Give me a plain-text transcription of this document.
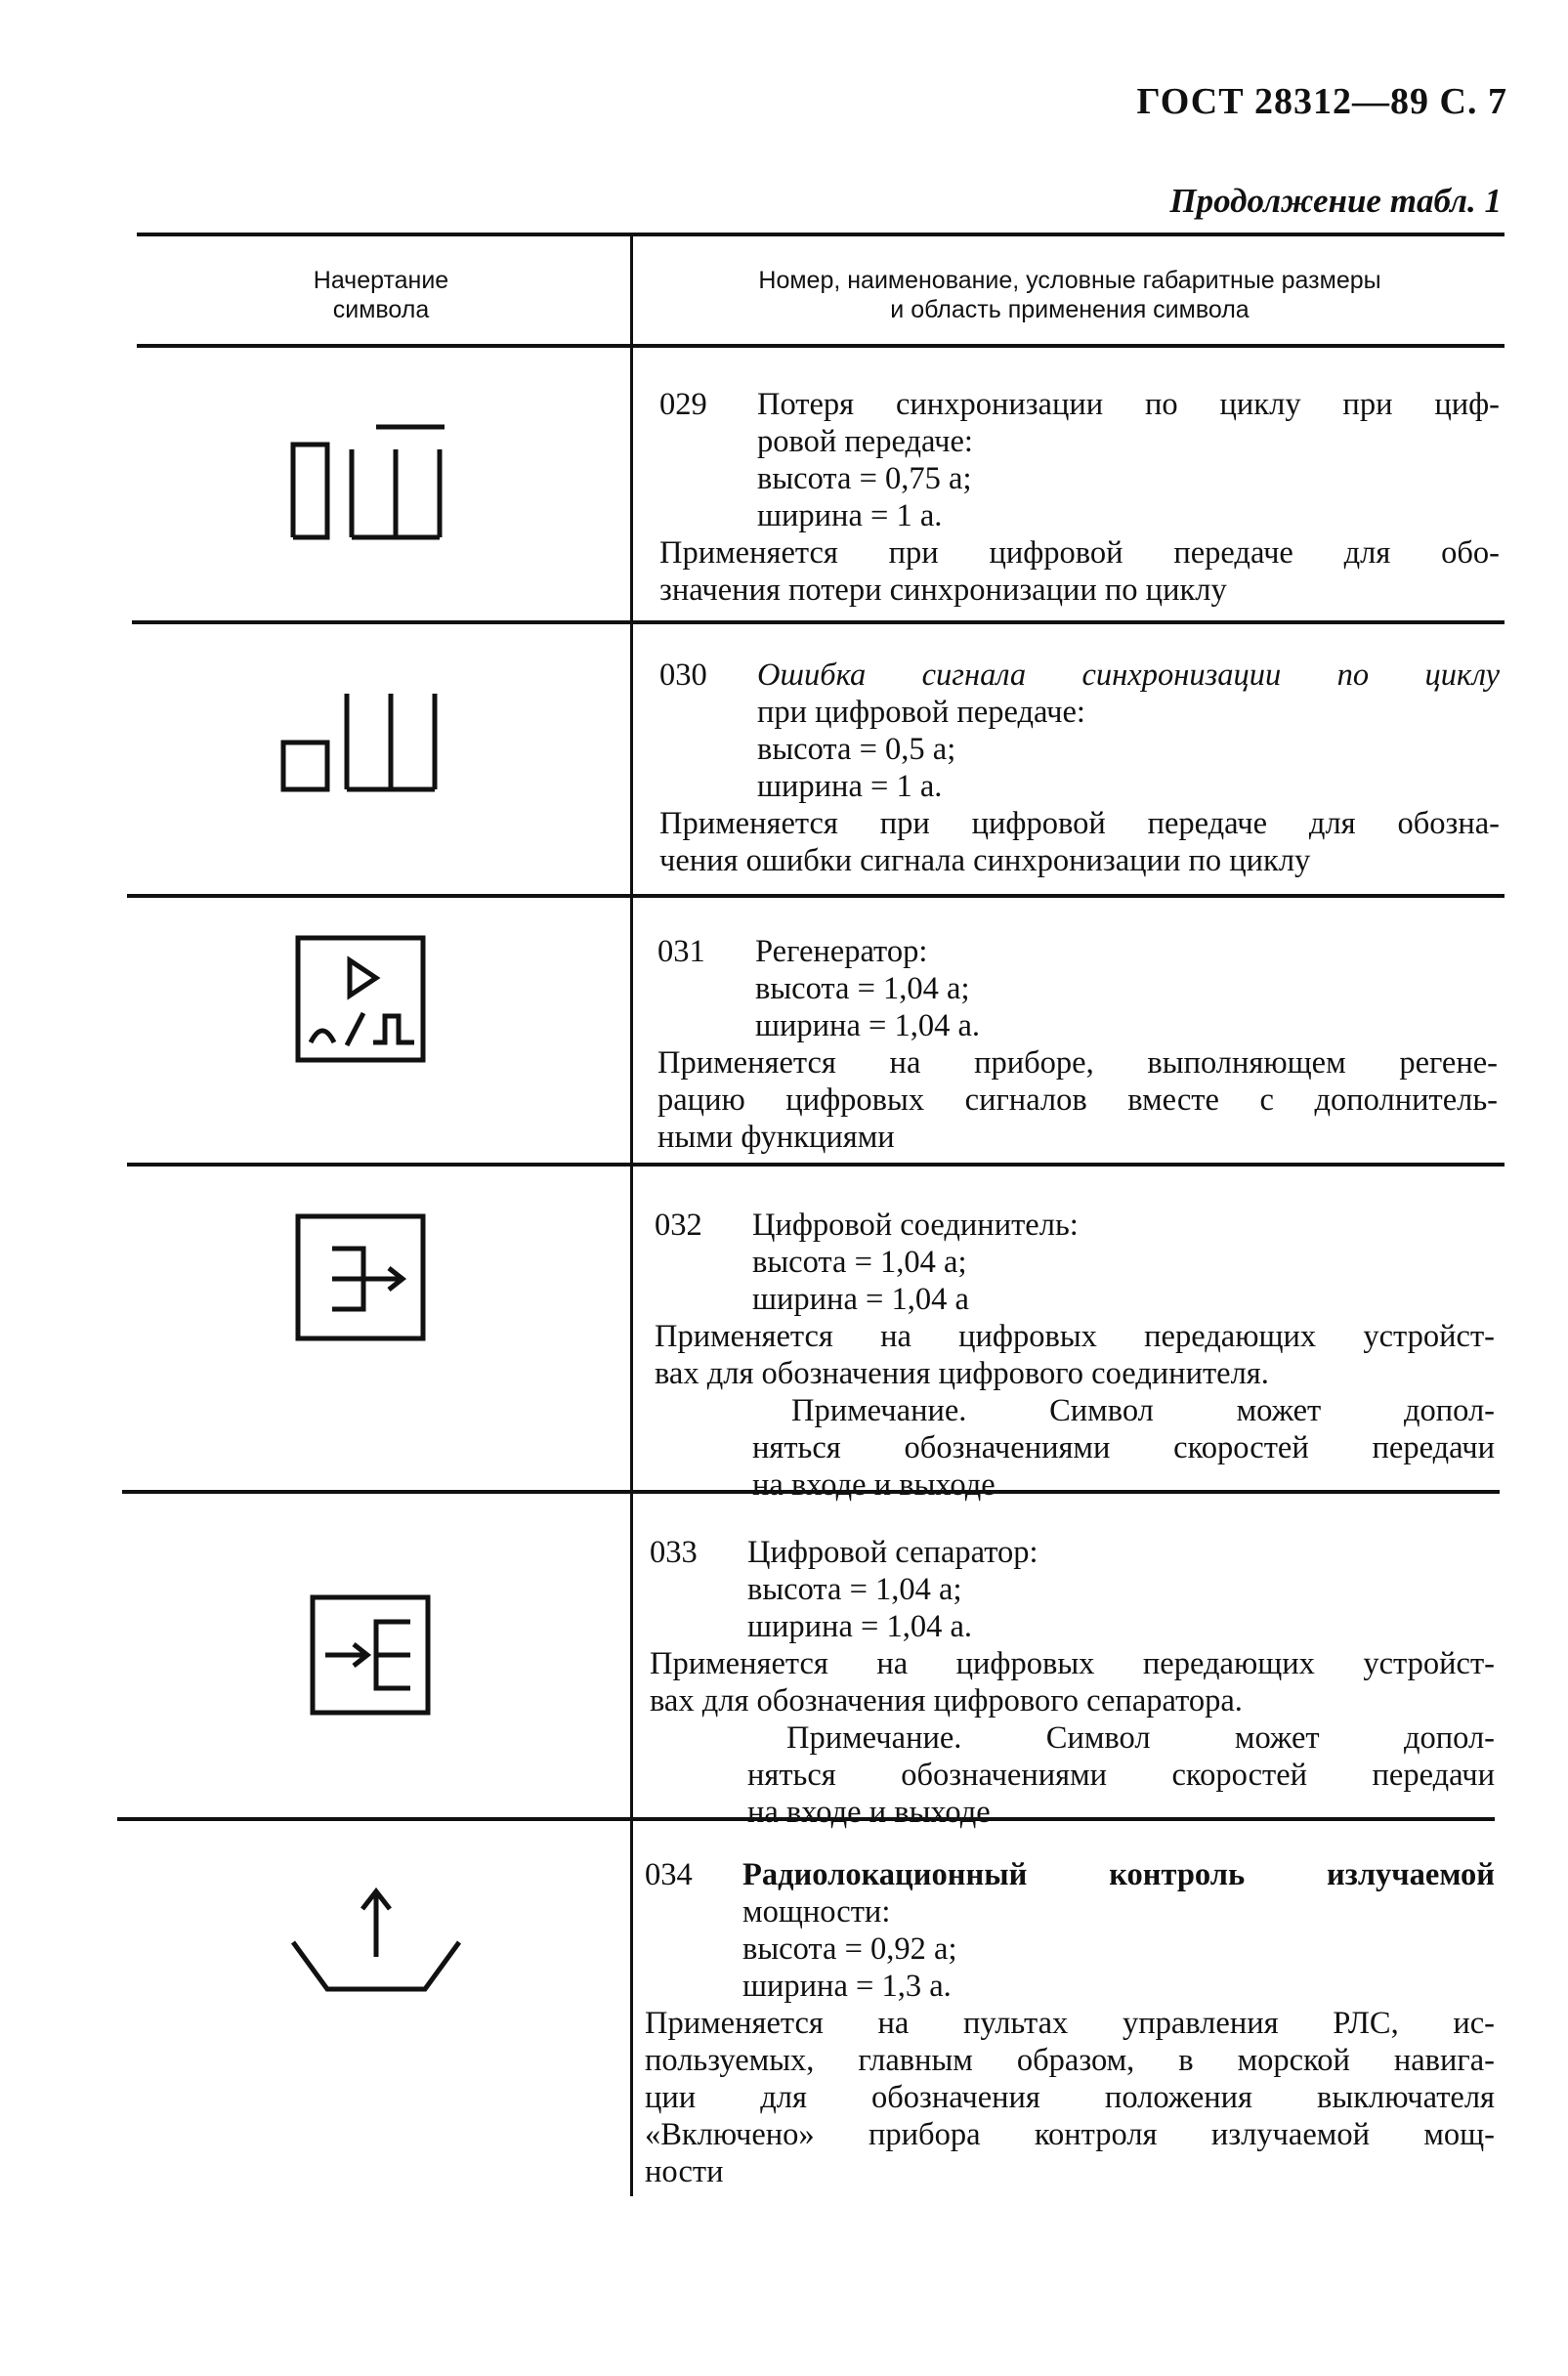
ГОСТ 28312—89 С. 7
Продолжение табл. 1
Начертание
символа
Номер, наименование, условные габаритные размеры
и область применения символа
029 Потеря синхронизации по циклу при циф-
ровой передаче:
высота = 0,75 а;
ширина = 1 а.
Применяется при цифровой передаче для обо-
значения потери синхронизации по циклу
030 Ошибка сигнала синхронизации по циклу
при цифровой передаче:
высота = 0,5 а;
ширина = 1 а.
Применяется при цифровой передаче для обозна-
чения ошибки сигнала синхронизации по циклу
031 Регенератор:
высота = 1,04 а;
ширина = 1,04 а.
Применяется на приборе, выполняющем регене-
рацию цифровых сигналов вместе с дополнитель-
ными функциями
032 Цифровой соединитель:
высота = 1,04 а;
ширина = 1,04 а
Применяется на цифровых передающих устройст-
вах для обозначения цифрового соединителя.
Примечание. Символ может допол-
няться обозначениями скоростей передачи
на входе и выходе
033 Цифровой сепаратор:
высота = 1,04 а;
ширина = 1,04 а.
Применяется на цифровых передающих устройст-
вах для обозначения цифрового сепаратора.
Примечание. Символ может допол-
няться обозначениями скоростей передачи
на входе и выходе
034 Радиолокационный контроль излучаемой
мощности:
высота = 0,92 а;
ширина = 1,3 а.
Применяется на пультах управления РЛС, ис-
пользуемых, главным образом, в морской навига-
ции для обозначения положения выключателя
«Включено» прибора контроля излучаемой мощ-
ности
